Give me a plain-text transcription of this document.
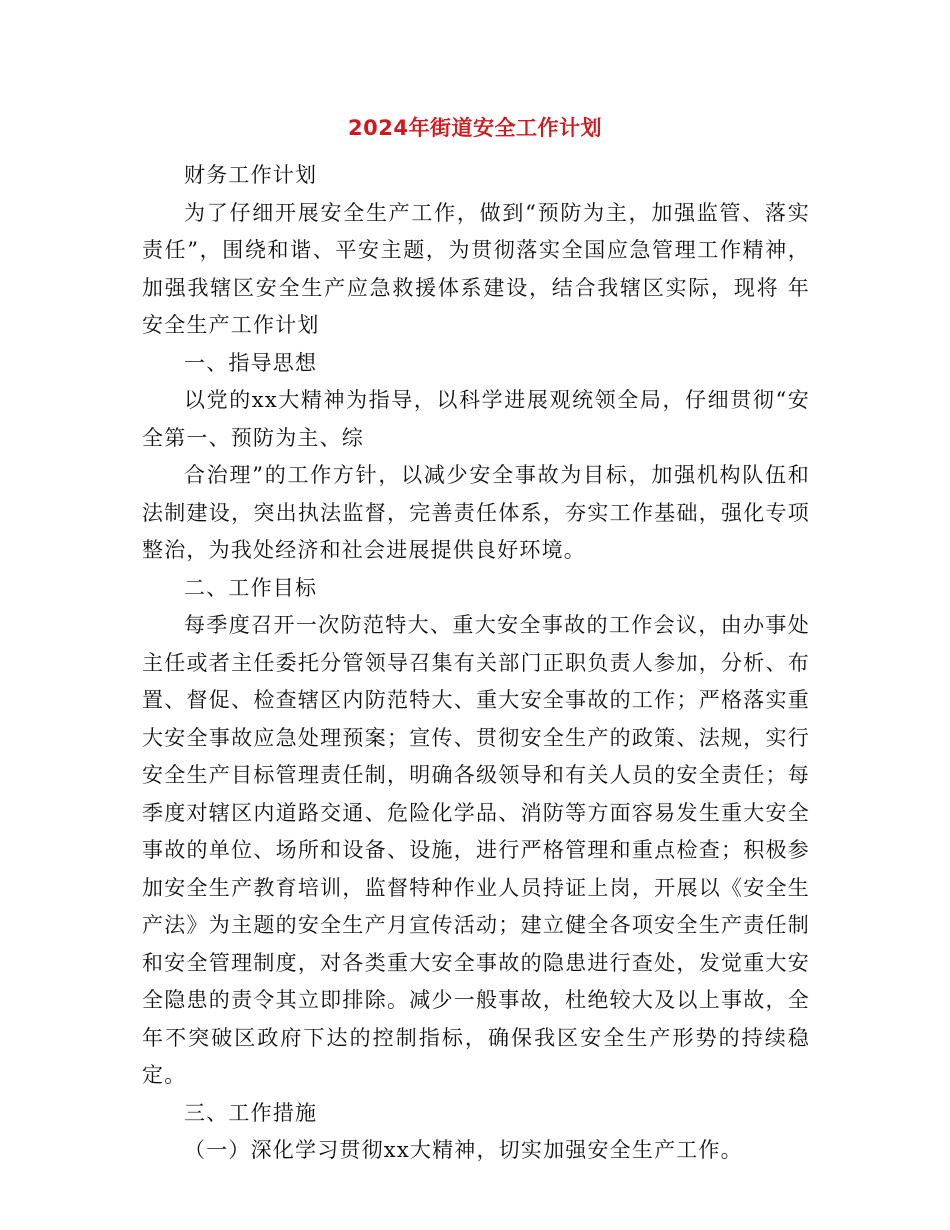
2024年街道安全工作计划

财务工作计划

为了仔细开展安全生产工作，做到“预防为主，加强监管、落实责任”，围绕和谐、平安主题，为贯彻落实全国应急管理工作精神，加强我辖区安全生产应急救援体系建设，结合我辖区实际，现将 年安全生产工作计划

一、指导思想

以党的xx大精神为指导，以科学进展观统领全局，仔细贯彻“安全第一、预防为主、综

合治理”的工作方针，以减少安全事故为目标，加强机构队伍和法制建设，突出执法监督，完善责任体系，夯实工作基础，强化专项整治，为我处经济和社会进展提供良好环境。

二、工作目标

每季度召开一次防范特大、重大安全事故的工作会议，由办事处主任或者主任委托分管领导召集有关部门正职负责人参加，分析、布置、督促、检查辖区内防范特大、重大安全事故的工作；严格落实重大安全事故应急处理预案；宣传、贯彻安全生产的政策、法规，实行安全生产目标管理责任制，明确各级领导和有关人员的安全责任；每季度对辖区内道路交通、危险化学品、消防等方面容易发生重大安全事故的单位、场所和设备、设施，进行严格管理和重点检查；积极参加安全生产教育培训，监督特种作业人员持证上岗，开展以《安全生产法》为主题的安全生产月宣传活动；建立健全各项安全生产责任制和安全管理制度，对各类重大安全事故的隐患进行查处，发觉重大安全隐患的责令其立即排除。减少一般事故，杜绝较大及以上事故，全年不突破区政府下达的控制指标，确保我区安全生产形势的持续稳定。

三、工作措施

（一）深化学习贯彻xx大精神，切实加强安全生产工作。
